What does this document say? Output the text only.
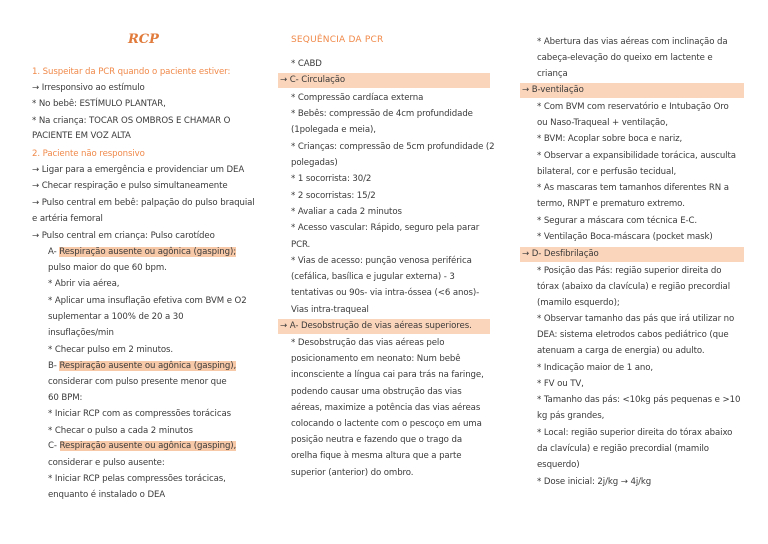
RCP	SEQUÊNCIA DA PCR
1. Suspeitar da PCR quando o paciente estiver:
→ Irresponsivo ao estímulo
* No bebê: ESTÍMULO PLANTAR,
* Na criança: TOCAR OS OMBROS E CHAMAR O
PACIENTE EM VOZ ALTA
2. Paciente não responsivo
→ Ligar para a emergência e providenciar um DEA
→ Checar respiração e pulso simultaneamente
→ Pulso central em bebê: palpação do pulso braquial
e artéria femoral
→ Pulso central em criança: Pulso carotídeo
A- Respiração ausente ou agônica (gasping);
pulso maior do que 60 bpm.
* Abrir via aérea,
* Aplicar uma insuflação efetiva com BVM e O2
suplementar a 100% de 20 a 30
insuflações/min
* Checar pulso em 2 minutos.
B- Respiração ausente ou agônica (gasping),
considerar com pulso presente menor que
60 BPM:
* Iniciar RCP com as compressões torácicas
* Checar o pulso a cada 2 minutos
C- Respiração ausente ou agônica (gasping),
considerar e pulso ausente:
* Iniciar RCP pelas compressões torácicas,
enquanto é instalado o DEA
* CABD
→ C- Circulação
* Compressão cardíaca externa
* Bebês: compressão de 4cm profundidade
(1polegada e meia),
* Crianças: compressão de 5cm profundidade (2
polegadas)
* 1 socorrista: 30/2
* 2 socorristas: 15/2
* Avaliar a cada 2 minutos
* Acesso vascular: Rápido, seguro pela parar
PCR.
* Vias de acesso: punção venosa periférica
(cefálica, basílica e jugular externa) - 3
tentativas ou 90s- via intra-óssea (<6 anos)-
Vias intra-traqueal
→ A- Desobstrução de vias aéreas superiores.
* Desobstrução das vias aéreas pelo
posicionamento em neonato: Num bebê
inconsciente a língua cai para trás na faringe,
podendo causar uma obstrução das vias
aéreas, maximize a potência das vias aéreas
colocando o lactente com o pescoço em uma
posição neutra e fazendo que o trago da
orelha fique à mesma altura que a parte
superior (anterior) do ombro.
* Abertura das vias aéreas com inclinação da
cabeça-elevação do queixo em lactente e
criança
→ B-ventilação
* Com BVM com reservatório e Intubação Oro
ou Naso-Traqueal + ventilação,
* BVM: Acoplar sobre boca e nariz,
* Observar a expansibilidade torácica, ausculta
bilateral, cor e perfusão tecidual,
* As mascaras tem tamanhos diferentes RN a
termo, RNPT e prematuro extremo.
* Segurar a máscara com técnica E-C.
* Ventilação Boca-máscara (pocket mask)
→ D- Desfibrilação
* Posição das Pás: região superior direita do
tórax (abaixo da clavícula) e região precordial
(mamilo esquerdo);
* Observar tamanho das pás que irá utilizar no
DEA: sistema eletrodos cabos pediátrico (que
atenuam a carga de energia) ou adulto.
* Indicação maior de 1 ano,
* FV ou TV,
* Tamanho das pás: <10kg pás pequenas e >10
kg pás grandes,
* Local: região superior direita do tórax abaixo
da clavícula) e região precordial (mamilo
esquerdo)
* Dose inicial: 2j/kg → 4j/kg
